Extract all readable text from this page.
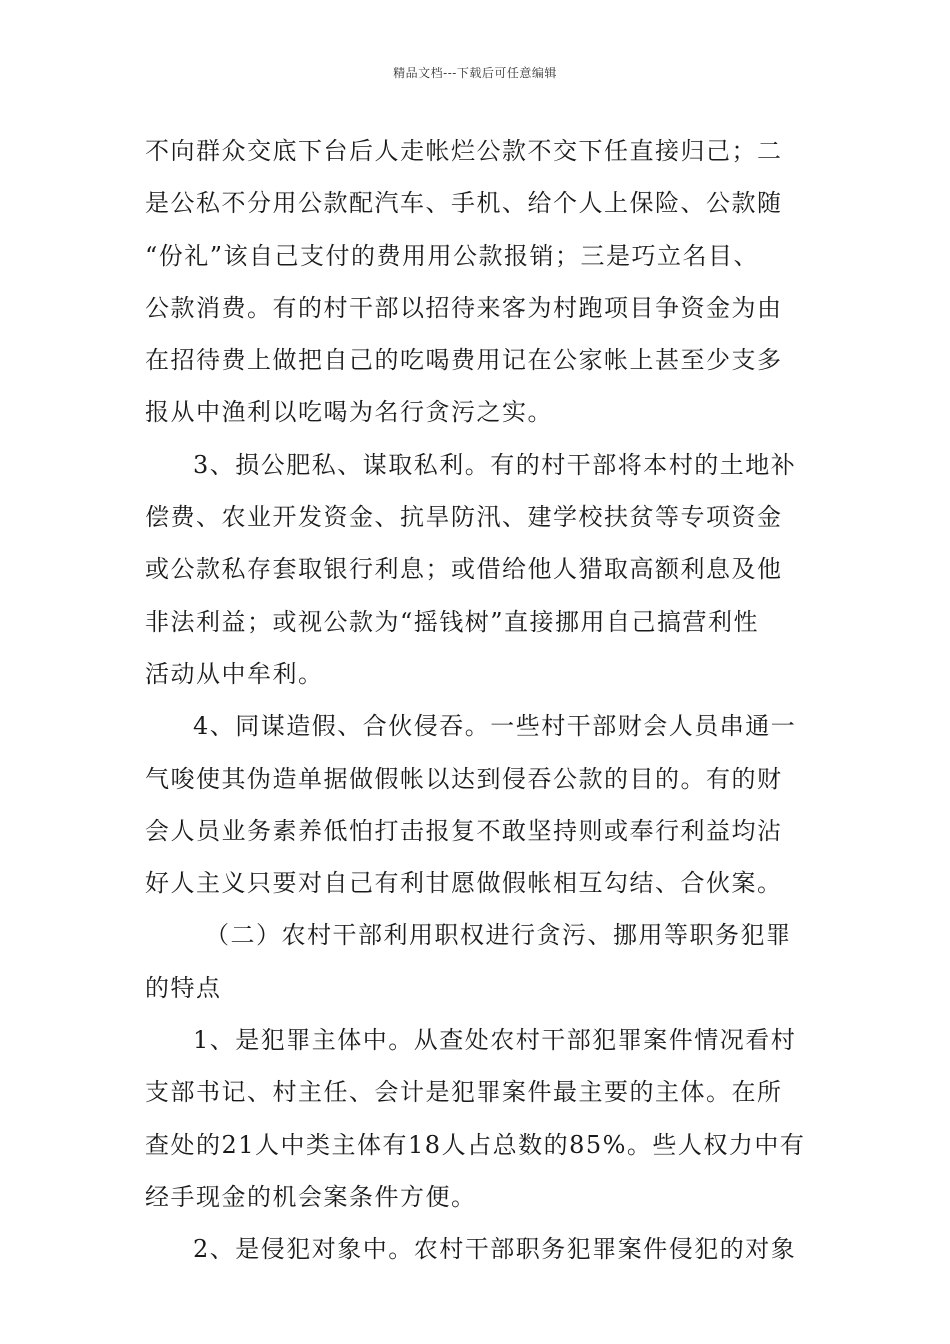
精品文档---下载后可任意编辑
不向群众交底下台后人走帐烂公款不交下任直接归己；二
是公私不分用公款配汽车、手机、给个人上保险、公款随
“份礼”该自己支付的费用用公款报销；三是巧立名目、
公款消费。有的村干部以招待来客为村跑项目争资金为由
在招待费上做把自己的吃喝费用记在公家帐上甚至少支多
报从中渔利以吃喝为名行贪污之实。
3、损公肥私、谋取私利。有的村干部将本村的土地补
偿费、农业开发资金、抗旱防汛、建学校扶贫等专项资金
或公款私存套取银行利息；或借给他人猎取高额利息及他
非法利益；或视公款为“摇钱树”直接挪用自己搞营利性
活动从中牟利。
4、同谋造假、合伙侵吞。一些村干部财会人员串通一
气唆使其伪造单据做假帐以达到侵吞公款的目的。有的财
会人员业务素养低怕打击报复不敢坚持则或奉行利益均沾
好人主义只要对自己有利甘愿做假帐相互勾结、合伙案。
（二）农村干部利用职权进行贪污、挪用等职务犯罪
的特点
1、是犯罪主体中。从查处农村干部犯罪案件情况看村
支部书记、村主任、会计是犯罪案件最主要的主体。在所
查处的21人中类主体有18人占总数的85%。些人权力中有
经手现金的机会案条件方便。
2、是侵犯对象中。农村干部职务犯罪案件侵犯的对象
